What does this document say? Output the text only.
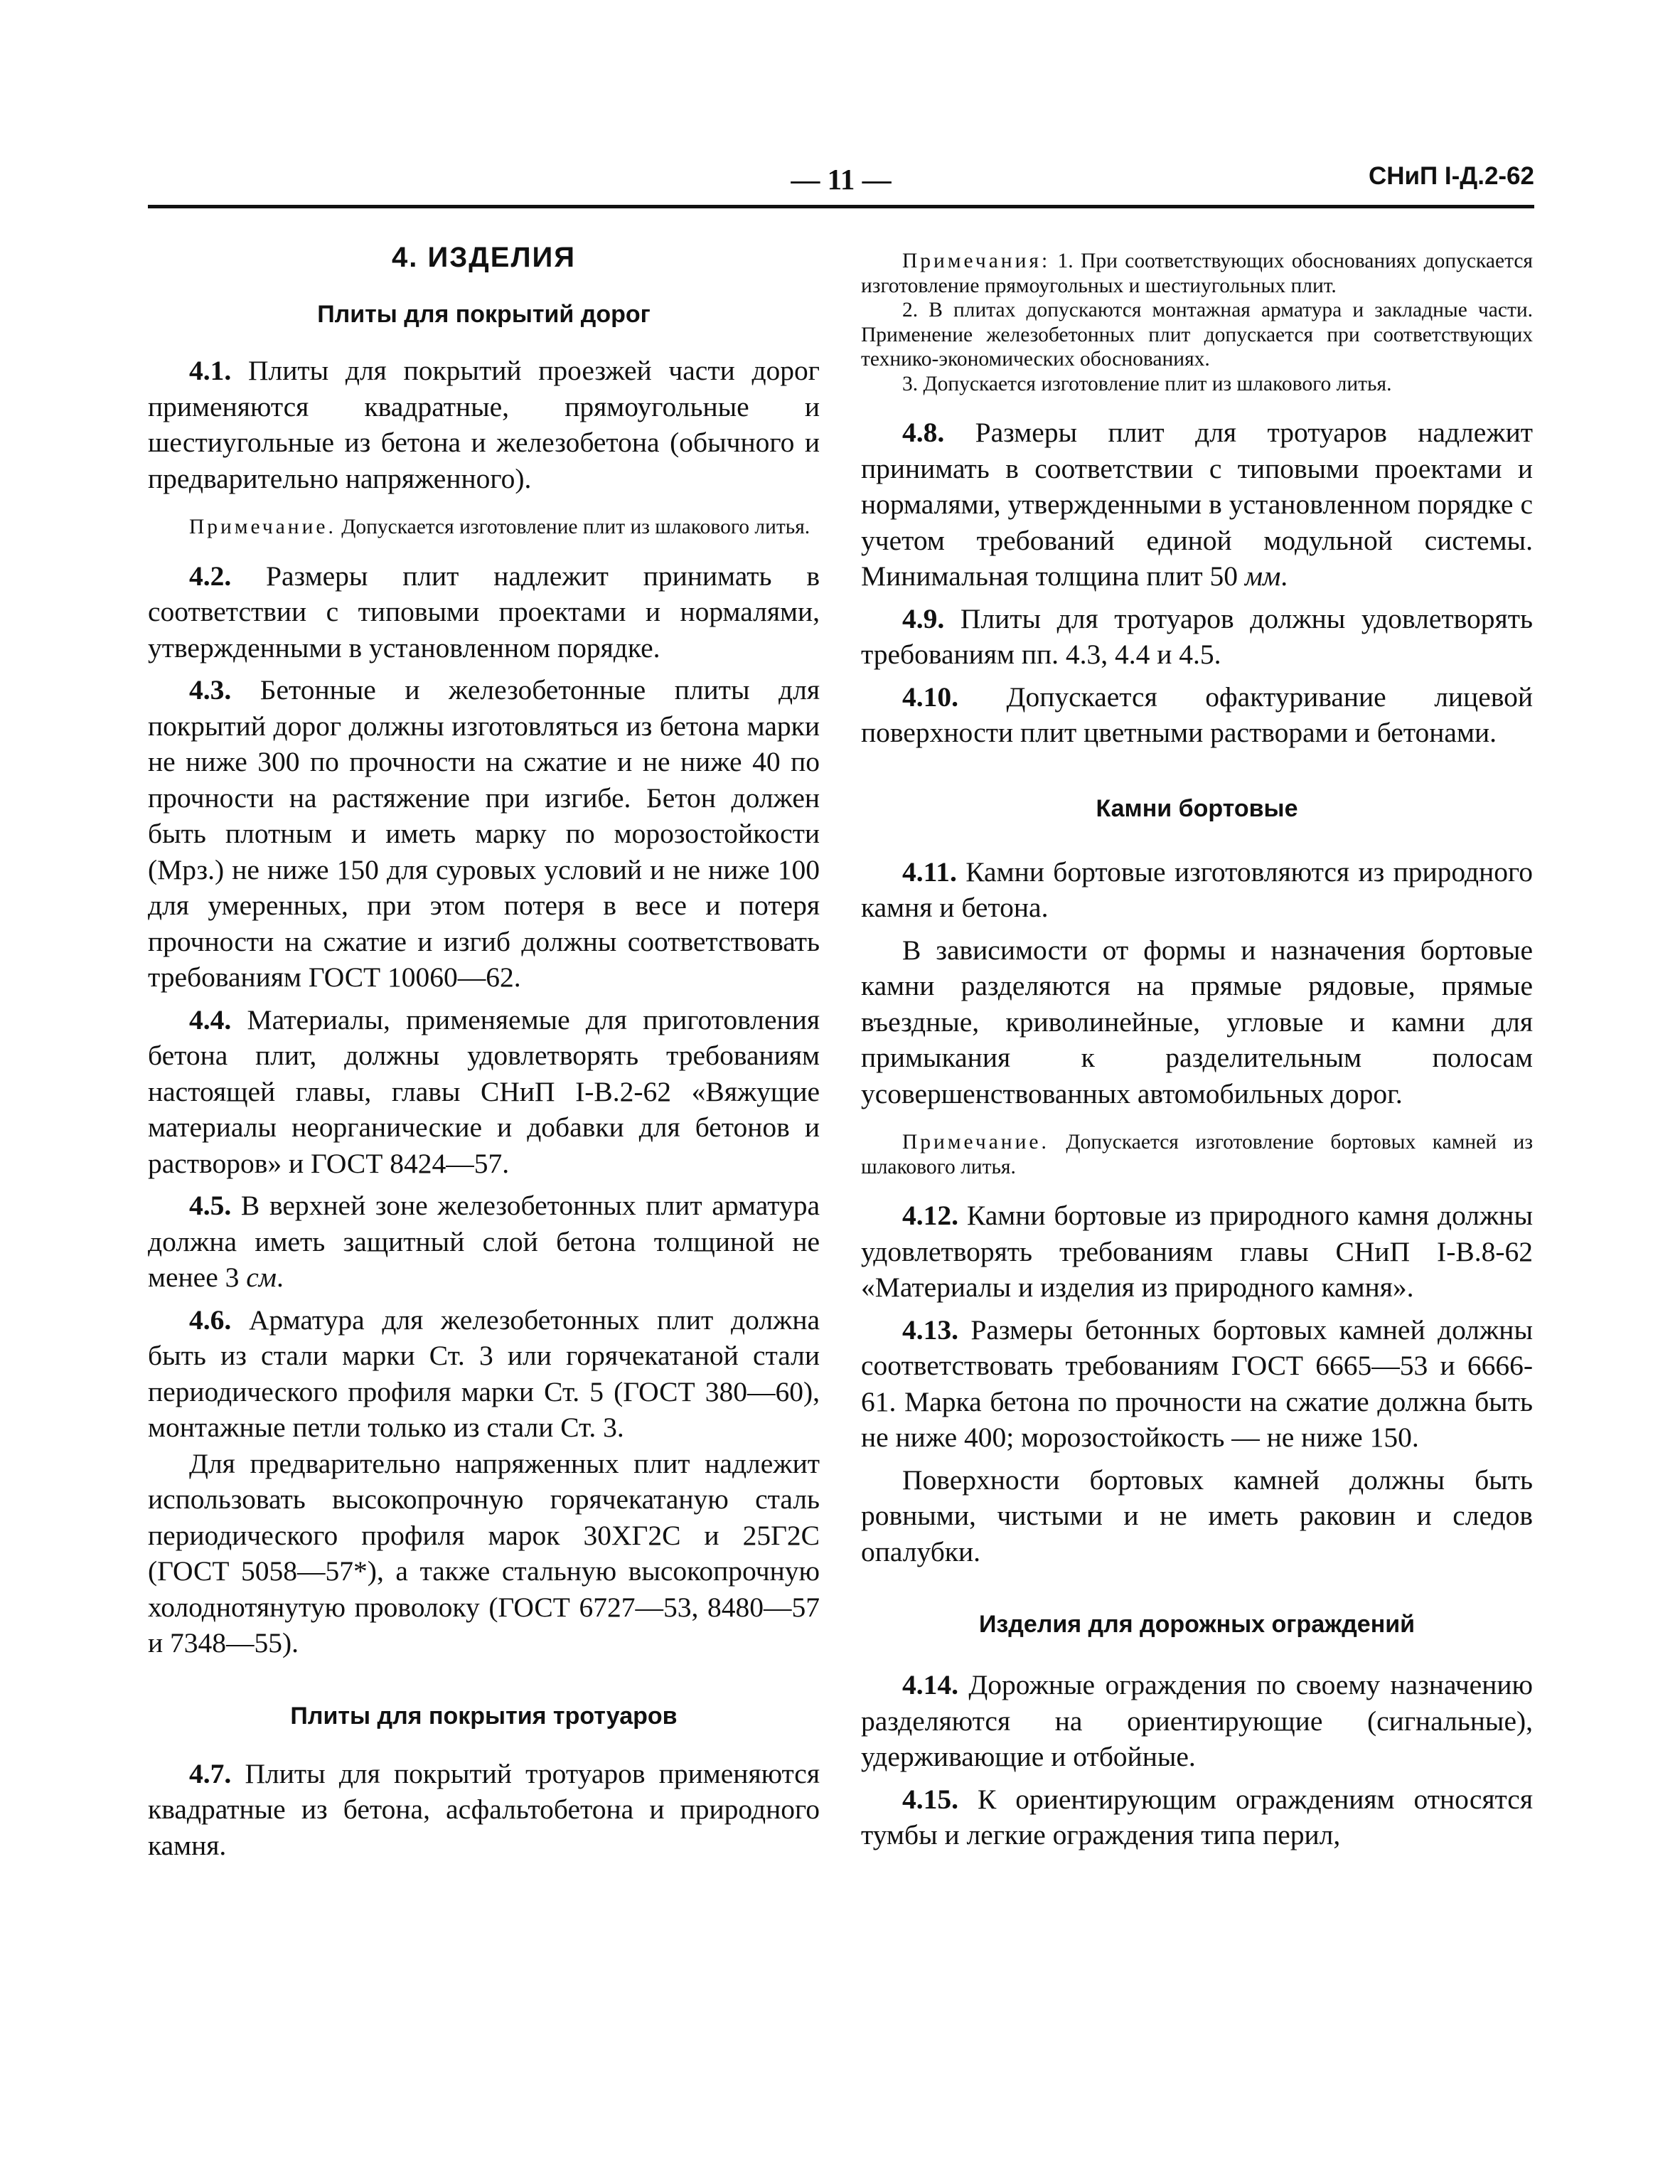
— 11 —	СНиП I-Д.2-62
4. ИЗДЕЛИЯ
Плиты для покрытий дорог

4.1. Плиты для покрытий проезжей части дорог применяются квадратные, прямоугольные и шестиугольные из бетона и железобетона (обычного и предварительно напряженного).

Примечание. Допускается изготовление плит из шлакового литья.

4.2. Размеры плит надлежит принимать в соответствии с типовыми проектами и нормалями, утвержденными в установленном порядке.

4.3. Бетонные и железобетонные плиты для покрытий дорог должны изготовляться из бетона марки не ниже 300 по прочности на сжатие и не ниже 40 по прочности на растяжение при изгибе. Бетон должен быть плотным и иметь марку по морозостойкости (Мрз.) не ниже 150 для суровых условий и не ниже 100 для умеренных, при этом потеря в весе и потеря прочности на сжатие и изгиб должны соответствовать требованиям ГОСТ 10060—62.

4.4. Материалы, применяемые для приготовления бетона плит, должны удовлетворять требованиям настоящей главы, главы СНиП I-В.2-62 «Вяжущие материалы неорганические и добавки для бетонов и растворов» и ГОСТ 8424—57.

4.5. В верхней зоне железобетонных плит арматура должна иметь защитный слой бетона толщиной не менее 3 см.

4.6. Арматура для железобетонных плит должна быть из стали марки Ст. 3 или горячекатаной стали периодического профиля марки Ст. 5 (ГОСТ 380—60), монтажные петли только из стали Ст. 3.

Для предварительно напряженных плит надлежит использовать высокопрочную горячекатаную сталь периодического профиля марок 30ХГ2С и 25Г2С (ГОСТ 5058—57*), а также стальную высокопрочную холоднотянутую проволоку (ГОСТ 6727—53, 8480—57 и 7348—55).

Плиты для покрытия тротуаров

4.7. Плиты для покрытий тротуаров применяются квадратные из бетона, асфальтобетона и природного камня.

Примечания: 1. При соответствующих обоснованиях допускается изготовление прямоугольных и шестиугольных плит.
2. В плитах допускаются монтажная арматура и закладные части. Применение железобетонных плит допускается при соответствующих технико-экономических обоснованиях.
3. Допускается изготовление плит из шлакового литья.

4.8. Размеры плит для тротуаров надлежит принимать в соответствии с типовыми проектами и нормалями, утвержденными в установленном порядке с учетом требований единой модульной системы. Минимальная толщина плит 50 мм.

4.9. Плиты для тротуаров должны удовлетворять требованиям пп. 4.3, 4.4 и 4.5.

4.10. Допускается офактуривание лицевой поверхности плит цветными растворами и бетонами.

Камни бортовые

4.11. Камни бортовые изготовляются из природного камня и бетона.

В зависимости от формы и назначения бортовые камни разделяются на прямые рядовые, прямые въездные, криволинейные, угловые и камни для примыкания к разделительным полосам усовершенствованных автомобильных дорог.

Примечание. Допускается изготовление бортовых камней из шлакового литья.

4.12. Камни бортовые из природного камня должны удовлетворять требованиям главы СНиП I-В.8-62 «Материалы и изделия из природного камня».

4.13. Размеры бетонных бортовых камней должны соответствовать требованиям ГОСТ 6665—53 и 6666-61. Марка бетона по прочности на сжатие должна быть не ниже 400; морозостойкость — не ниже 150.

Поверхности бортовых камней должны быть ровными, чистыми и не иметь раковин и следов опалубки.

Изделия для дорожных ограждений

4.14. Дорожные ограждения по своему назначению разделяются на ориентирующие (сигнальные), удерживающие и отбойные.

4.15. К ориентирующим ограждениям относятся тумбы и легкие ограждения типа перил,
